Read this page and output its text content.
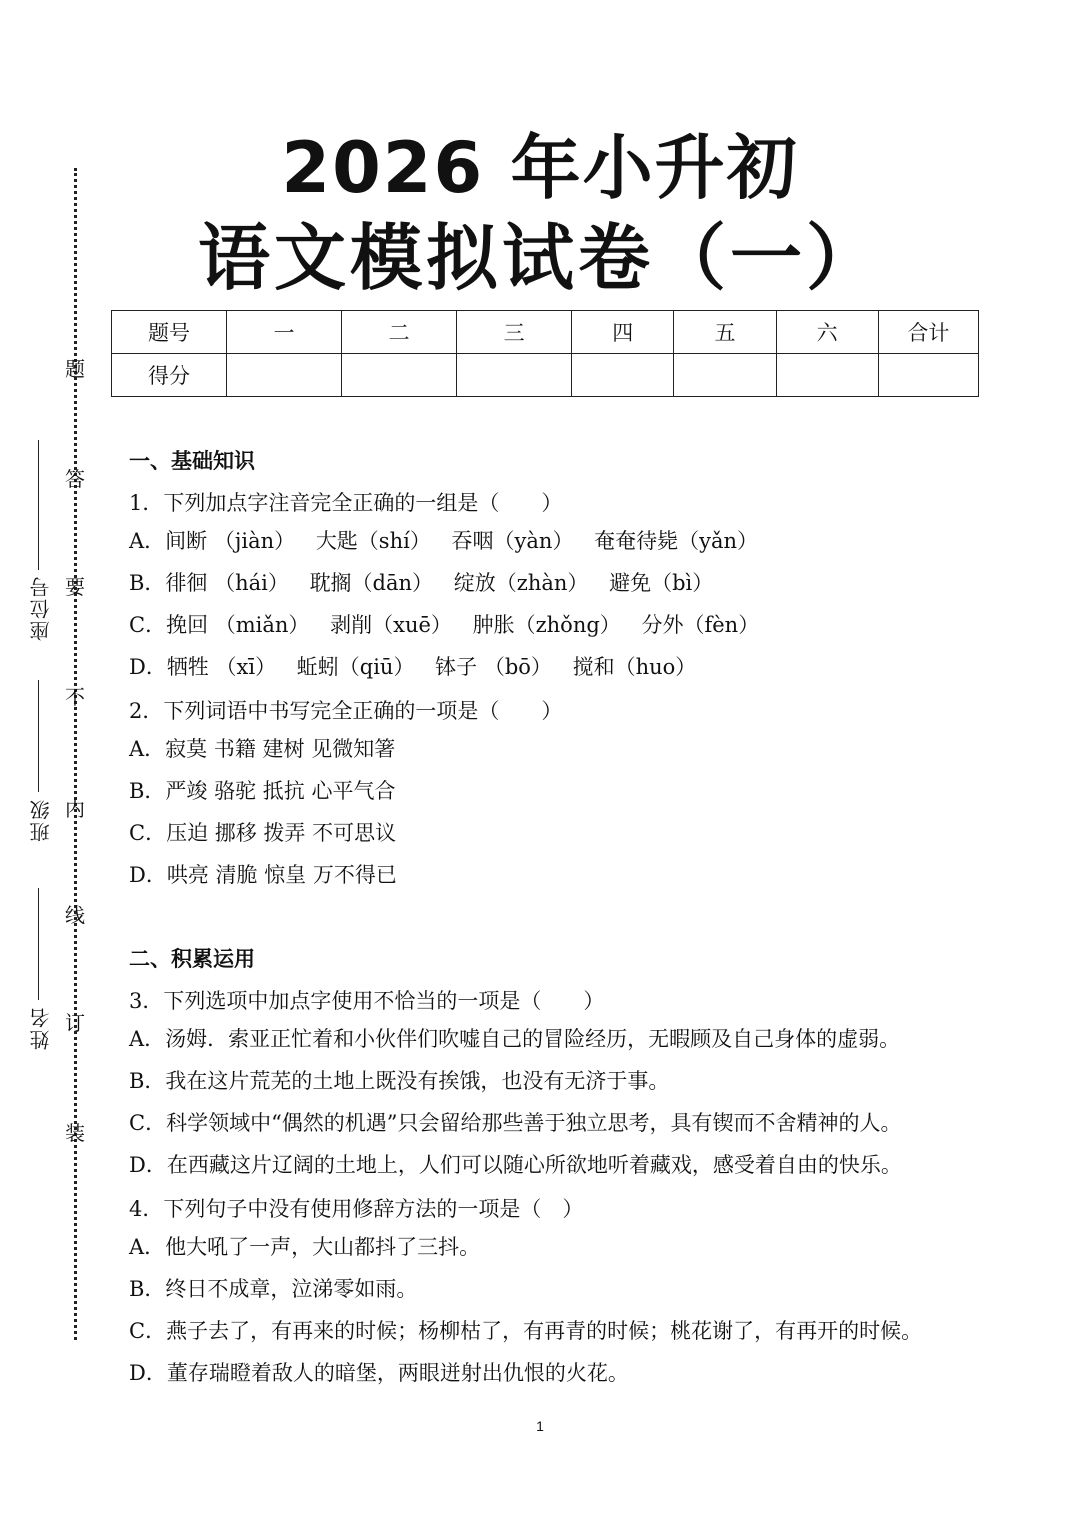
题
答
要
不
内
线
订
装
座位号
班级
姓名
2026 年小升初
语文模拟试卷（一）
题号	一	二	三	四	五	六	合计
得分							
一、基础知识
1．下列加点字注音完全正确的一组是（　　）
A．间断 （jiàn） 大匙（shí） 吞咽（yàn） 奄奄待毙（yǎn）
B．徘徊 （hái） 耽搁（dān） 绽放（zhàn） 避免（bì）
C．挽回 （miǎn） 剥削（xuē） 肿胀（zhǒng） 分外（fèn）
D．牺牲 （xī） 蚯蚓（qiū） 钵子 （bō） 搅和（huo）
2．下列词语中书写完全正确的一项是（　　）
A．寂莫 书籍 建树 见微知箸
B．严竣 骆驼 抵抗 心平气合
C．压迫 挪移 拨弄 不可思议
D．哄亮 清脆 惊皇 万不得已
二、积累运用
3．下列选项中加点字使用不恰当的一项是（　　）
A．汤姆．索亚正忙着和小伙伴们吹嘘自己的冒险经历，无暇顾及自己身体的虚弱。
B．我在这片荒芜的土地上既没有挨饿，也没有无济于事。
C．科学领域中“偶然的机遇”只会留给那些善于独立思考，具有锲而不舍精神的人。
D．在西藏这片辽阔的土地上，人们可以随心所欲地听着藏戏，感受着自由的快乐。
4．下列句子中没有使用修辞方法的一项是（　）
A．他大吼了一声，大山都抖了三抖。
B．终日不成章，泣涕零如雨。
C．燕子去了，有再来的时候；杨柳枯了，有再青的时候；桃花谢了，有再开的时候。
D．董存瑞瞪着敌人的暗堡，两眼迸射出仇恨的火花。
1
